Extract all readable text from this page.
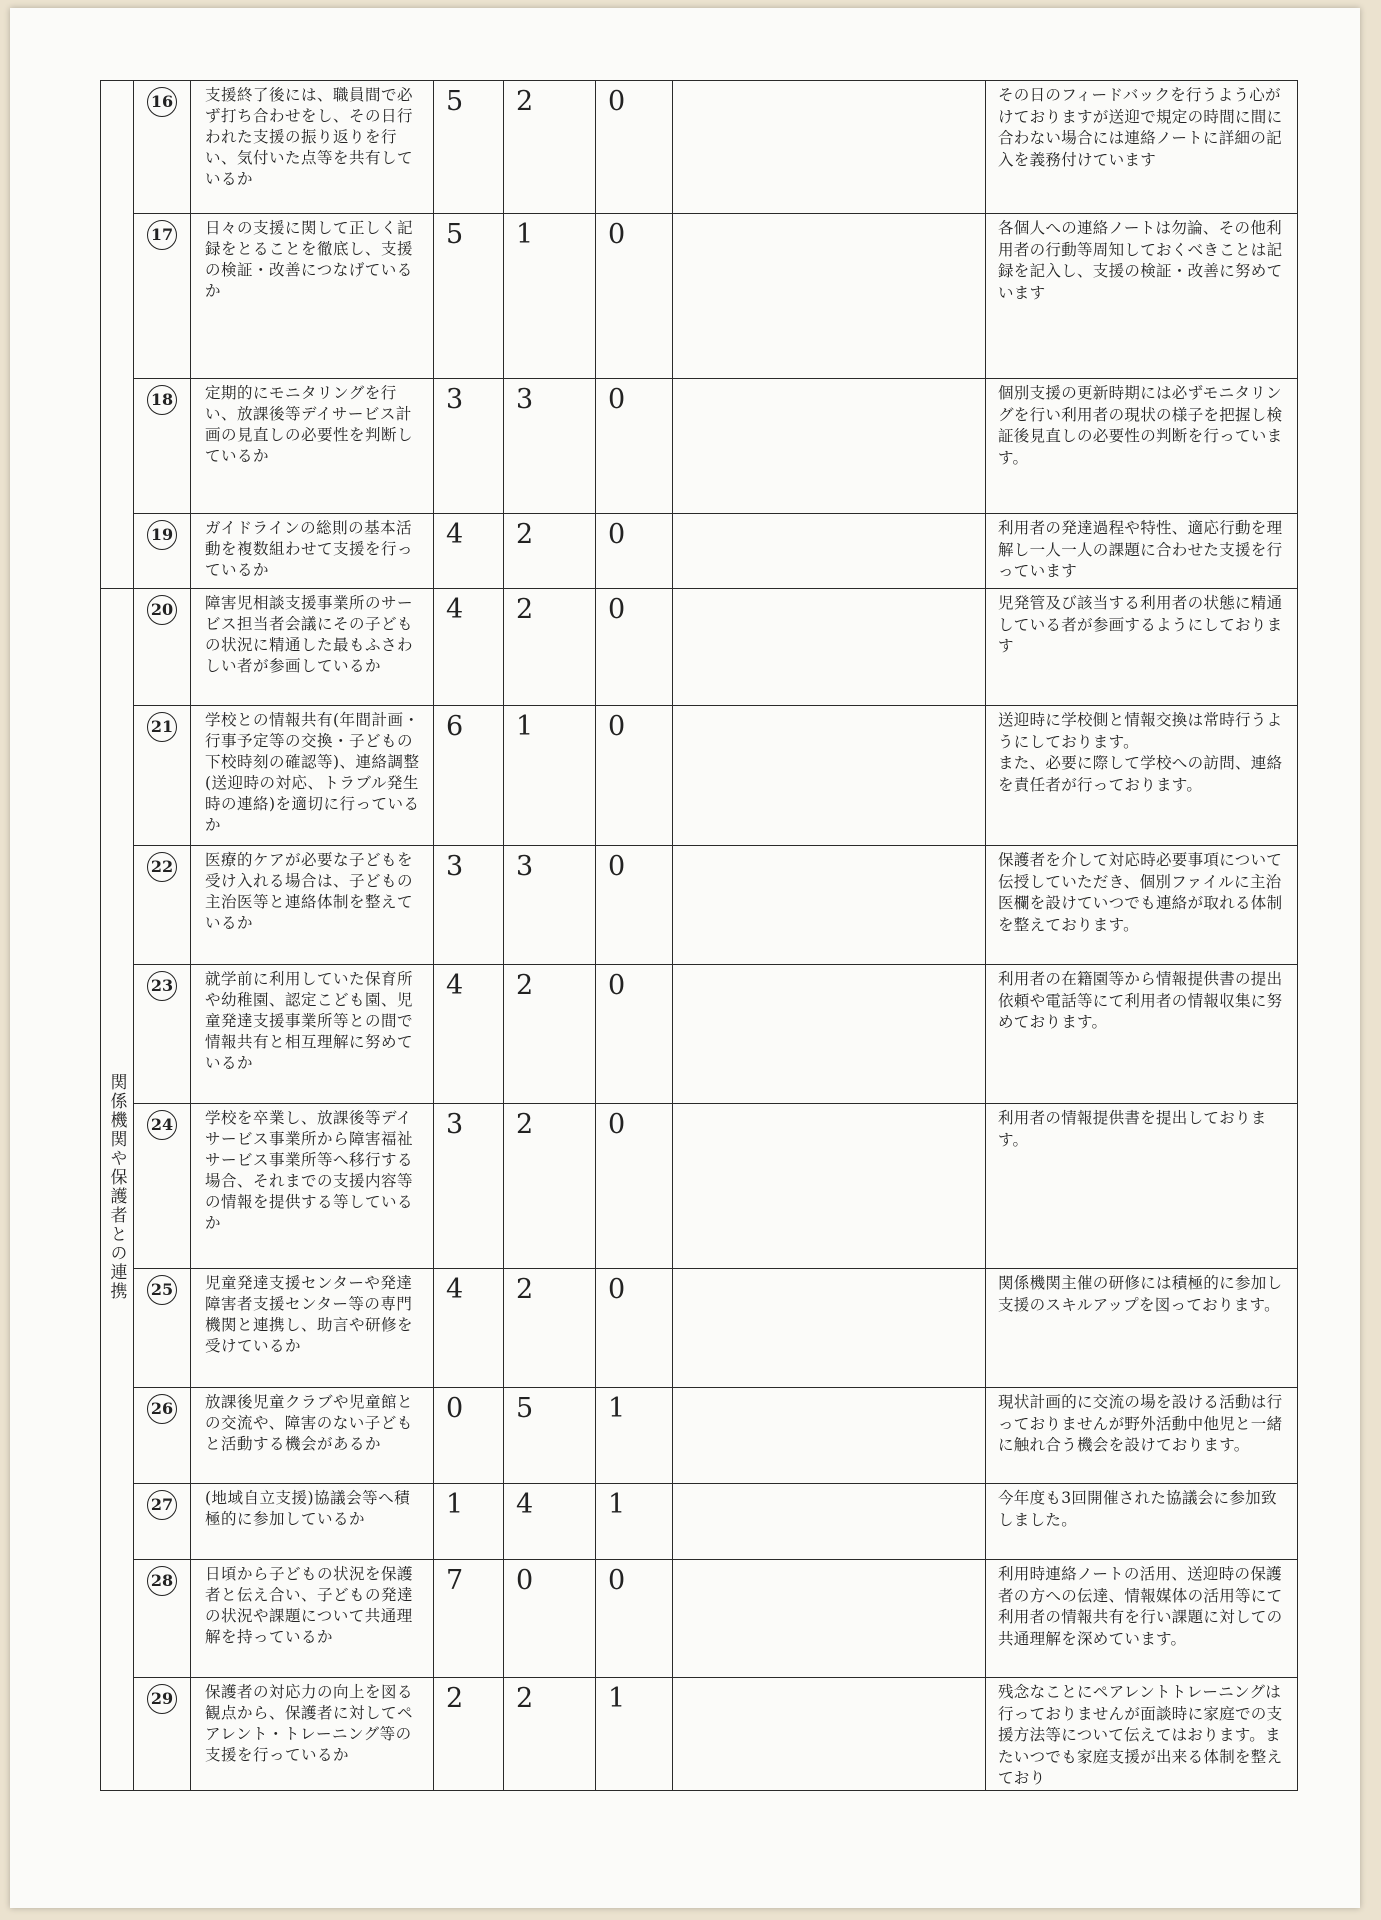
	16	支援終了後には、職員間で必ず打ち合わせをし、その日行われた支援の振り返りを行い、気付いた点等を共有しているか	5	2	0		その日のフィードバックを行うよう心がけておりますが送迎で規定の時間に間に合わない場合には連絡ノートに詳細の記入を義務付けています
	17	日々の支援に関して正しく記録をとることを徹底し、支援の検証・改善につなげているか	5	1	0		各個人への連絡ノートは勿論、その他利用者の行動等周知しておくべきことは記録を記入し、支援の検証・改善に努めています
	18	定期的にモニタリングを行い、放課後等デイサービス計画の見直しの必要性を判断しているか	3	3	0		個別支援の更新時期には必ずモニタリングを行い利用者の現状の様子を把握し検証後見直しの必要性の判断を行っています。
	19	ガイドラインの総則の基本活動を複数組わせて支援を行っているか	4	2	0		利用者の発達過程や特性、適応行動を理解し一人一人の課題に合わせた支援を行っています
関係機関や保護者との連携	20	障害児相談支援事業所のサービス担当者会議にその子どもの状況に精通した最もふさわしい者が参画しているか	4	2	0		児発管及び該当する利用者の状態に精通している者が参画するようにしております
	21	学校との情報共有(年間計画・行事予定等の交換・子どもの下校時刻の確認等)、連絡調整(送迎時の対応、トラブル発生時の連絡)を適切に行っているか	6	1	0		送迎時に学校側と情報交換は常時行うようにしております。
また、必要に際して学校への訪問、連絡を責任者が行っております。
	22	医療的ケアが必要な子どもを受け入れる場合は、子どもの主治医等と連絡体制を整えているか	3	3	0		保護者を介して対応時必要事項について伝授していただき、個別ファイルに主治医欄を設けていつでも連絡が取れる体制を整えております。
	23	就学前に利用していた保育所や幼稚園、認定こども園、児童発達支援事業所等との間で情報共有と相互理解に努めているか	4	2	0		利用者の在籍園等から情報提供書の提出依頼や電話等にて利用者の情報収集に努めております。
	24	学校を卒業し、放課後等デイサービス事業所から障害福祉サービス事業所等へ移行する場合、それまでの支援内容等の情報を提供する等しているか	3	2	0		利用者の情報提供書を提出しております。
	25	児童発達支援センターや発達障害者支援センター等の専門機関と連携し、助言や研修を受けているか	4	2	0		関係機関主催の研修には積極的に参加し支援のスキルアップを図っております。
	26	放課後児童クラブや児童館との交流や、障害のない子どもと活動する機会があるか	0	5	1		現状計画的に交流の場を設ける活動は行っておりませんが野外活動中他児と一緒に触れ合う機会を設けております。
	27	(地域自立支援)協議会等へ積極的に参加しているか	1	4	1		今年度も3回開催された協議会に参加致しました。
	28	日頃から子どもの状況を保護者と伝え合い、子どもの発達の状況や課題について共通理解を持っているか	7	0	0		利用時連絡ノートの活用、送迎時の保護者の方への伝達、情報媒体の活用等にて利用者の情報共有を行い課題に対しての共通理解を深めています。
	29	保護者の対応力の向上を図る観点から、保護者に対してペアレント・トレーニング等の支援を行っているか	2	2	1		残念なことにペアレントトレーニングは行っておりませんが面談時に家庭での支援方法等について伝えてはおります。またいつでも家庭支援が出来る体制を整えており
